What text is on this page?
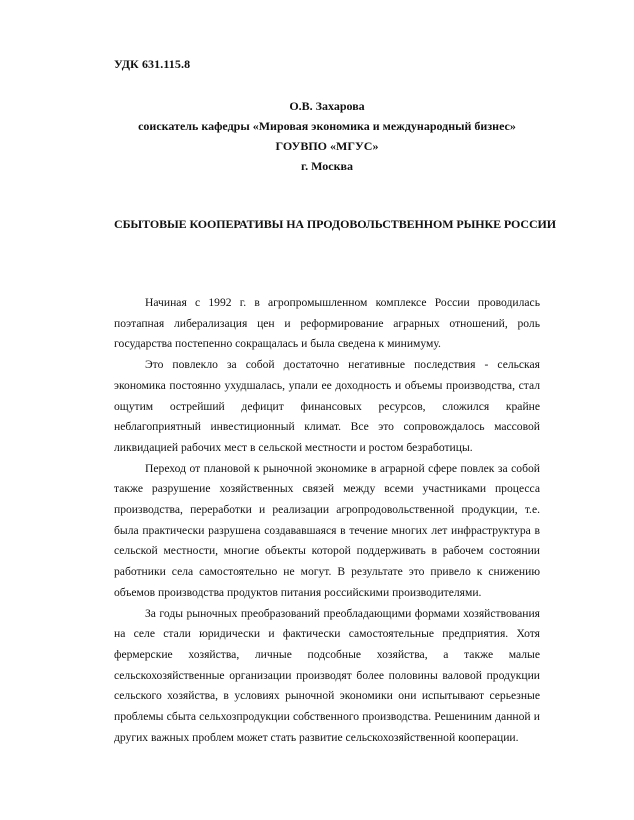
УДК 631.115.8
О.В. Захарова
соискатель кафедры «Мировая экономика и международный бизнес»
ГОУВПО «МГУС»
г. Москва
СБЫТОВЫЕ КООПЕРАТИВЫ НА ПРОДОВОЛЬСТВЕННОМ РЫНКЕ РОССИИ

Начиная с 1992 г. в агропромышленном комплексе России проводилась поэтапная либерализация цен и реформирование аграрных отношений, роль государства постепенно сокращалась и была сведена к минимуму.

Это повлекло за собой достаточно негативные последствия - сельская экономика постоянно ухудшалась, упали ее доходность и объемы производства, стал ощутим острейший дефицит финансовых ресурсов, сложился крайне неблагоприятный инвестиционный климат. Все это сопровождалось массовой ликвидацией рабочих мест в сельской местности и ростом безработицы.

Переход от плановой к рыночной экономике в аграрной сфере повлек за собой также разрушение хозяйственных связей между всеми участниками процесса производства, переработки и реализации агропродовольственной продукции, т.е. была практически разрушена создававшаяся в течение многих лет инфраструктура в сельской местности, многие объекты которой поддерживать в рабочем состоянии работники села самостоятельно не могут. В результате это привело к снижению объемов производства продуктов питания российскими производителями.

За годы рыночных преобразований преобладающими формами хозяйствования на селе стали юридически и фактически самостоятельные предприятия. Хотя фермерские хозяйства, личные подсобные хозяйства, а также малые сельскохозяйственные организации производят более половины валовой продукции сельского хозяйства, в условиях рыночной экономики они испытывают серьезные проблемы сбыта сельхозпродукции собственного производства. Решениним данной и других важных проблем может стать развитие сельскохозяйственной кооперации.
